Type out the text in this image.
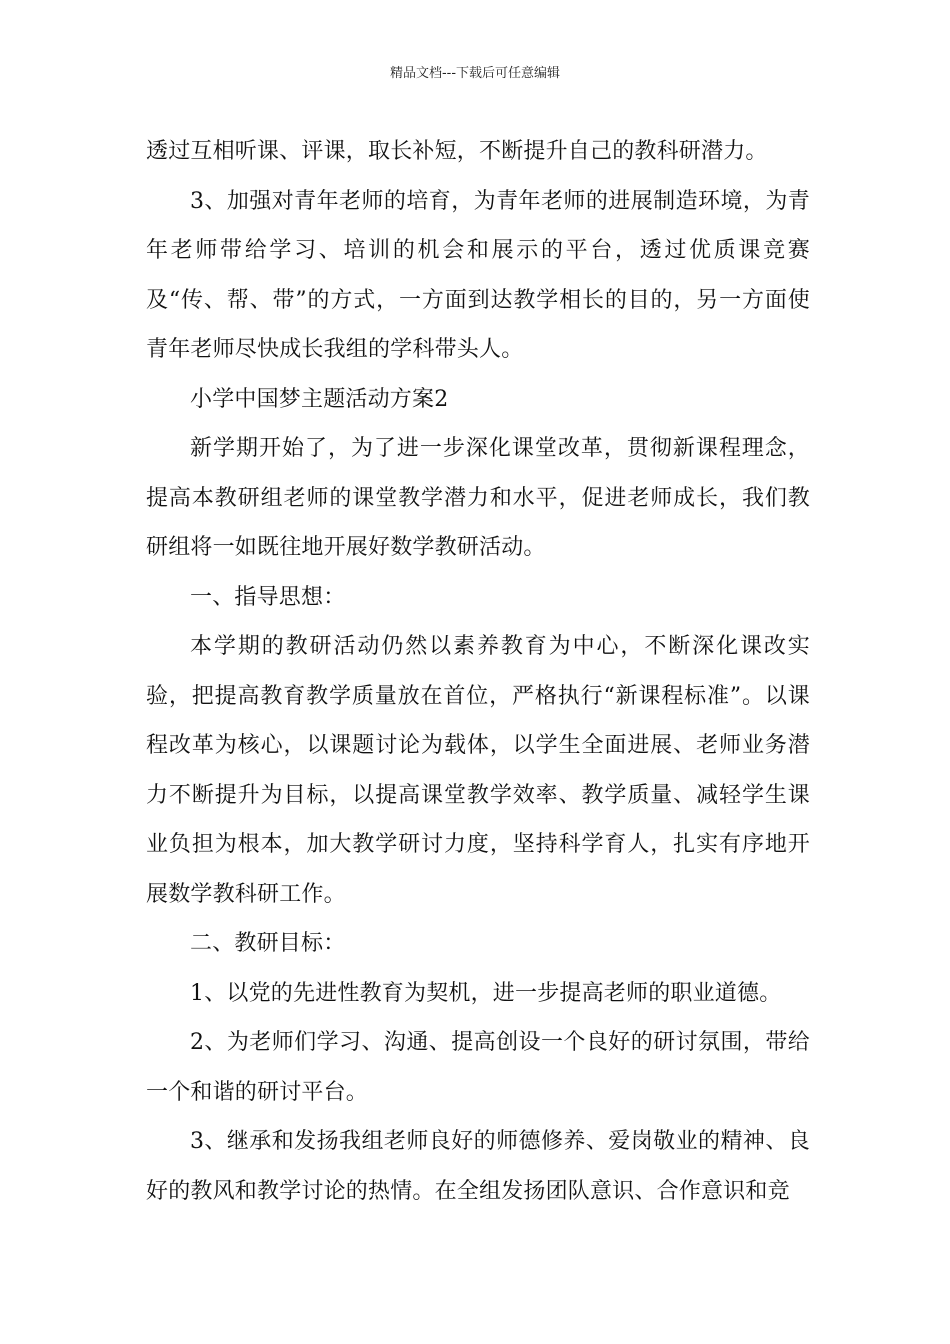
精品文档---下载后可任意编辑

透过互相听课、评课，取长补短，不断提升自己的教科研潜力。

3、加强对青年老师的培育，为青年老师的进展制造环境，为青年老师带给学习、培训的机会和展示的平台，透过优质课竞赛及“传、帮、带”的方式，一方面到达教学相长的目的，另一方面使青年老师尽快成长我组的学科带头人。

小学中国梦主题活动方案2

新学期开始了，为了进一步深化课堂改革，贯彻新课程理念，提高本教研组老师的课堂教学潜力和水平，促进老师成长，我们教研组将一如既往地开展好数学教研活动。

一、指导思想：

本学期的教研活动仍然以素养教育为中心，不断深化课改实验，把提高教育教学质量放在首位，严格执行“新课程标准”。以课程改革为核心，以课题讨论为载体，以学生全面进展、老师业务潜力不断提升为目标，以提高课堂教学效率、教学质量、减轻学生课业负担为根本，加大教学研讨力度，坚持科学育人，扎实有序地开展数学教科研工作。

二、教研目标：

1、以党的先进性教育为契机，进一步提高老师的职业道德。

2、为老师们学习、沟通、提高创设一个良好的研讨氛围，带给一个和谐的研讨平台。

3、继承和发扬我组老师良好的师德修养、爱岗敬业的精神、良好的教风和教学讨论的热情。在全组发扬团队意识、合作意识和竞
